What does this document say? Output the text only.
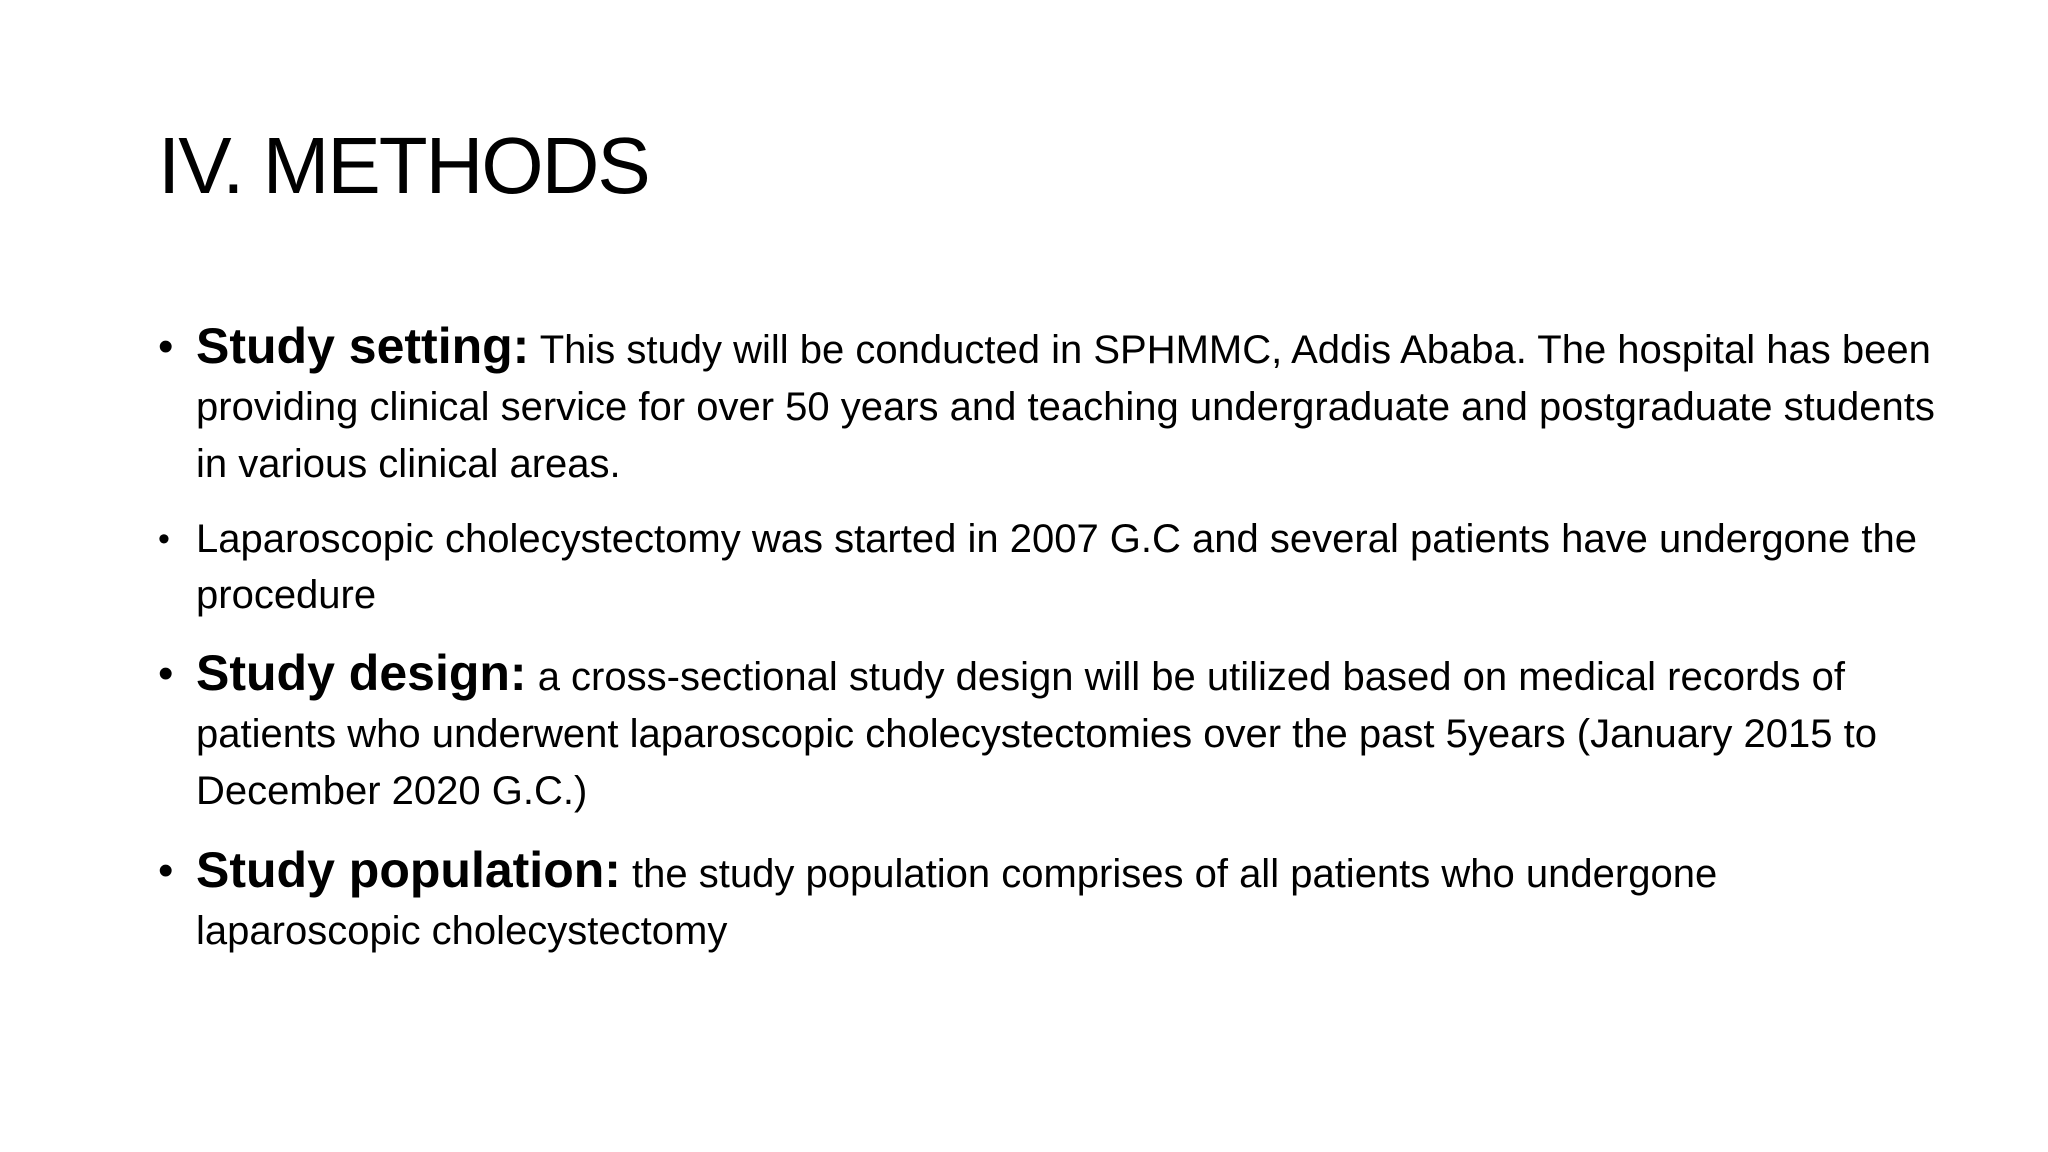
IV. METHODS
• Study setting: This study will be conducted in SPHMMC, Addis Ababa. The hospital has been providing clinical service for over 50 years and teaching undergraduate and postgraduate students in various clinical areas.
• Laparoscopic cholecystectomy was started in 2007 G.C and several patients have undergone the procedure
• Study design: a cross-sectional study design will be utilized based on medical records of patients who underwent laparoscopic cholecystectomies over the past 5years (January 2015 to December 2020 G.C.)
• Study population: the study population comprises of all patients who undergone laparoscopic cholecystectomy
